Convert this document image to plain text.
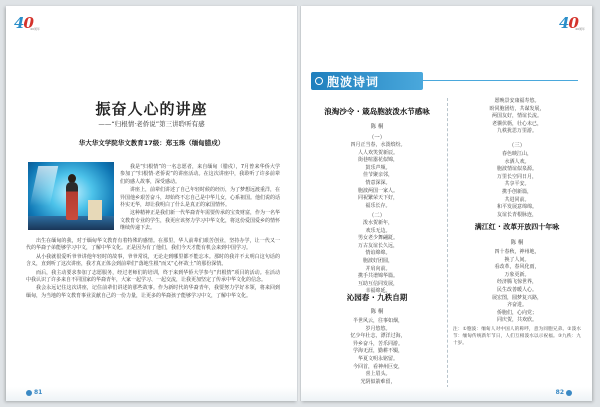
40
40周年
振奋人心的讲座
——“归根情·老侨说”第三讲聆听有感
华大华文学院华文教育17级：郑玉珠（缅甸腊戍）

我是“归根情”的一名志愿者，来自缅甸（腊戍），7月曾来华侨大学参加了“归根情·老侨说”的讲座活动。在这次讲座中，我聆听了许多前辈们的感人故事，深受感动。

讲座上，前辈们讲述了自己年轻时候的经历，为了梦想远渡重洋，在异国他乡艰苦奋斗，却始终不忘自己是中华儿女，心系祖国。他们说的话朴实无华，却让我明白了什么是真正的家国情怀。

这种精神正是我们新一代华裔青年需要传承的宝贵财富，作为一名华文教育专业的学生，我更应该努力学习中华文化，将这份爱国爱乡的情怀继续传递下去。

出生在缅甸的我，对于缅甸华文教育有着特殊的感情。在那里，华人前辈们艰苦创业，坚持办学，让一代又一代的华裔子弟能够学习中文，了解中华文化。正是因为有了他们，我们今天才能有机会来到中国学习。

从小我就很爱听爷爷讲他年轻时的故事，爷爷常说，无论走到哪里都不能忘本。那时的我并不太明白这句话的含义，直到听了这次讲座，我才真正体会到前辈们“落地生根”而又“心怀故土”的那份深情。

而后，我主动要求参加了志愿服务，经过老师们的培训，终于来到华侨大学参与“归根情”项目的活动。在活动中我认识了许多来自不同国家的华裔青年，大家一起学习、一起交流，让我更加坚定了传承中华文化的信念。

我会永远记住这次讲座，记住前辈们讲述的那些故事。作为新时代的华裔青年，我要努力学好本领，将来回到缅甸，为当地的华文教育事业贡献自己的一份力量，让更多的华裔孩子能够学习中文，了解中华文化。

81
40
40周年
胞波诗词
浪淘沙令 · 箴岛胞波泼水节感咏
陈 桐
（一）
四月正当春，水泼缤纷。
人人欢笑贺新辰。
街巷喧嚣花似锦，
鼓乐声频。
佳节聚亲邻，
情意深深。
胞波两国一家人。
同祝繁荣天下好，
福乐长存。
（二）
泼水贺新年，
欢乐无边。
男女老少舞翩跹。
万古友谊长久远，
情谊绵绵。
胞波好团圆，
并肩向前。
携手共谱锦华篇。
互助互信同发展，
幸福绵延。
沁园春 · 九秩自期
陈 桐
半世风云，往事如烟，
岁月悠悠。
忆少年壮志，漂洋过海，
异乡奋斗，苦乐同游。
学海无涯，勤耕不辍，
华夏文明永铭留。
今回首，看神州巨变，
喜上眉头。
光阴似箭难留，
愿晚景安康福寿悠。
盼同胞团结，共谋发展，
两国友好，情谊长流。
老骥伏枥，壮心未已，
九秩犹思万里游。
（三）
春色映江山，
水洒人欢。
胞波情谊似泉源。
万里长空同日月，
共享平安。
携手创新篇，
共进同前。
和平发展意绵绵。
友谊长青根脉连，
满江红 · 改革开放四十年咏
陈 桐
四十春秋，神州地，
换了人间。
看改革，春风化雨，
万象更新。
经济腾飞惊世界，
民生改善暖人心。
展宏图，圆梦复兴路，
齐奋进。
侨胞们，心向党；
同庆贺，共欢欣。
注：①胞波：缅甸人对中国人的称呼，意为同胞兄弟。②泼水节：缅甸传统新年节日，人们互相泼水以示祝福。③九秩：九十岁。
82
